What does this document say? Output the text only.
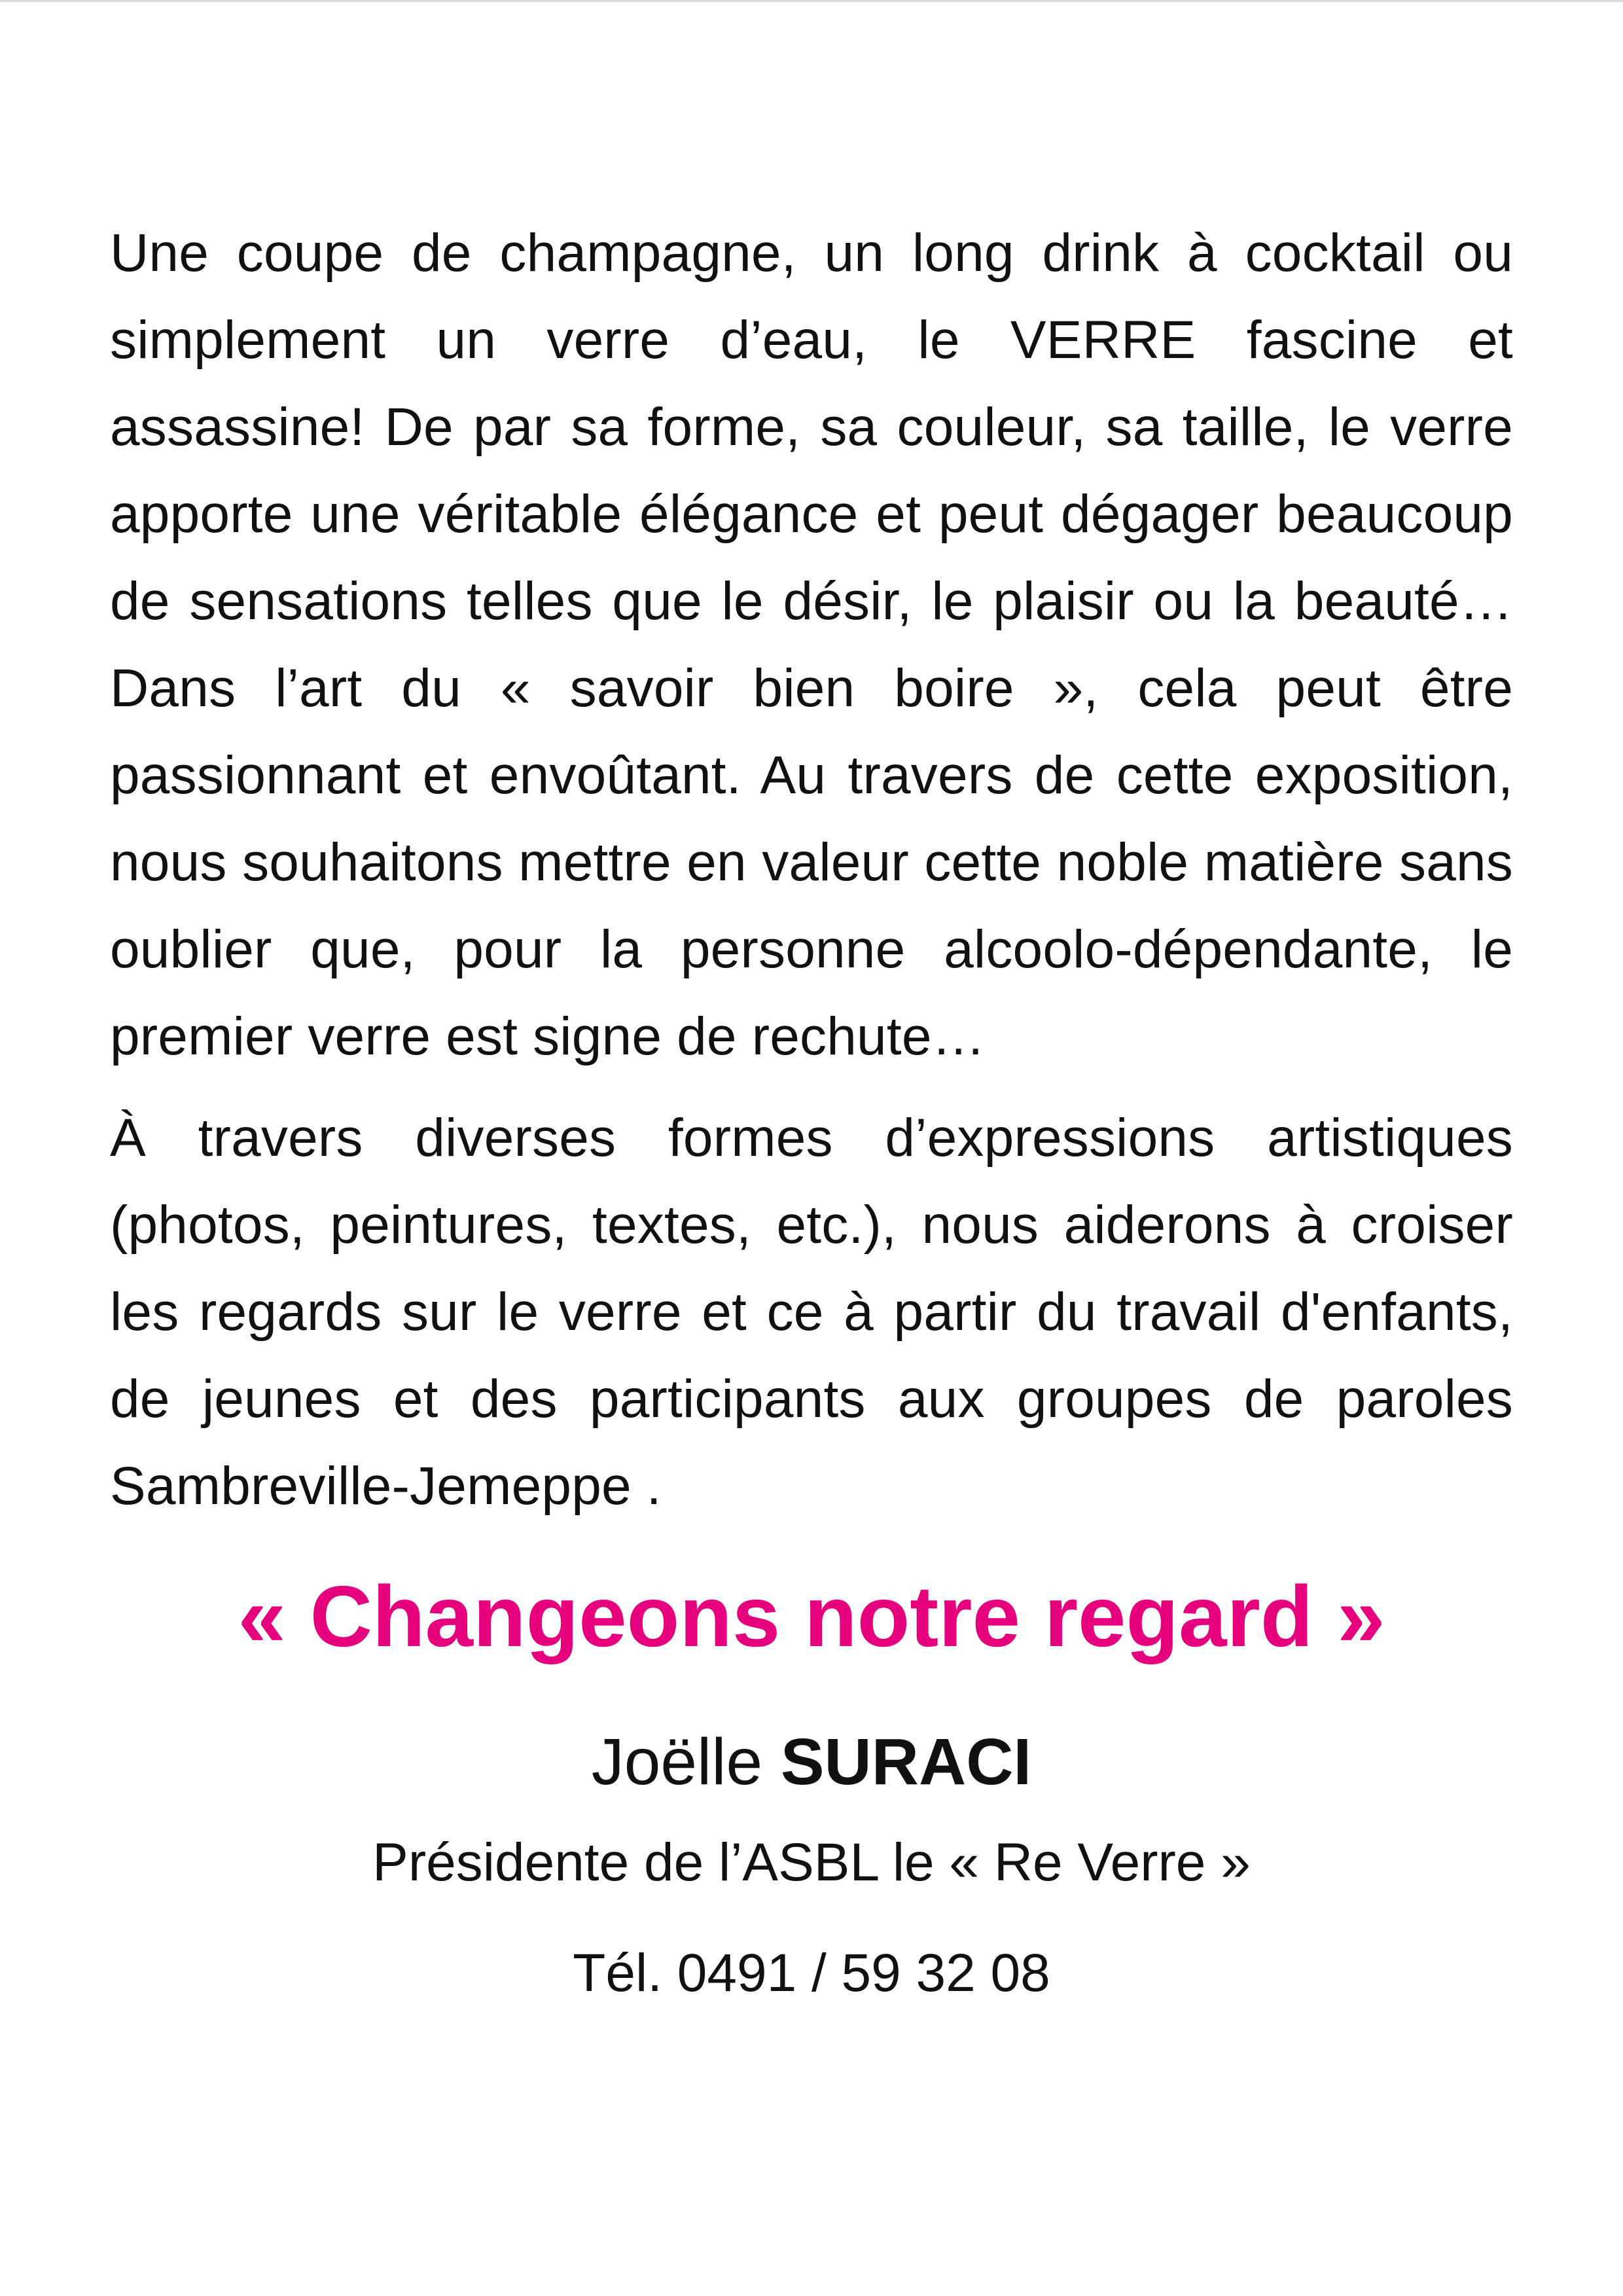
Une coupe de champagne, un long drink à cocktail ou simplement un verre d’eau, le VERRE fascine et assassine! De par sa forme, sa couleur, sa taille, le verre apporte une véritable élégance et peut dégager beaucoup de sensations telles que le désir, le plaisir ou la beauté… Dans l’art du « savoir bien boire », cela peut être passionnant et envoûtant. Au travers de cette exposition, nous souhaitons mettre en valeur cette noble matière sans oublier que, pour la personne alcoolo-dépendante, le premier verre est signe de rechute…

À travers diverses formes d’expressions artistiques (photos, peintures, textes, etc.), nous aiderons à croiser les regards sur le verre et ce à partir du travail d'enfants, de jeunes et des participants aux groupes de paroles Sambreville-Jemeppe .

« Changeons notre regard »

Joëlle SURACI

Présidente de l’ASBL le « Re Verre »

Tél. 0491 / 59 32 08
